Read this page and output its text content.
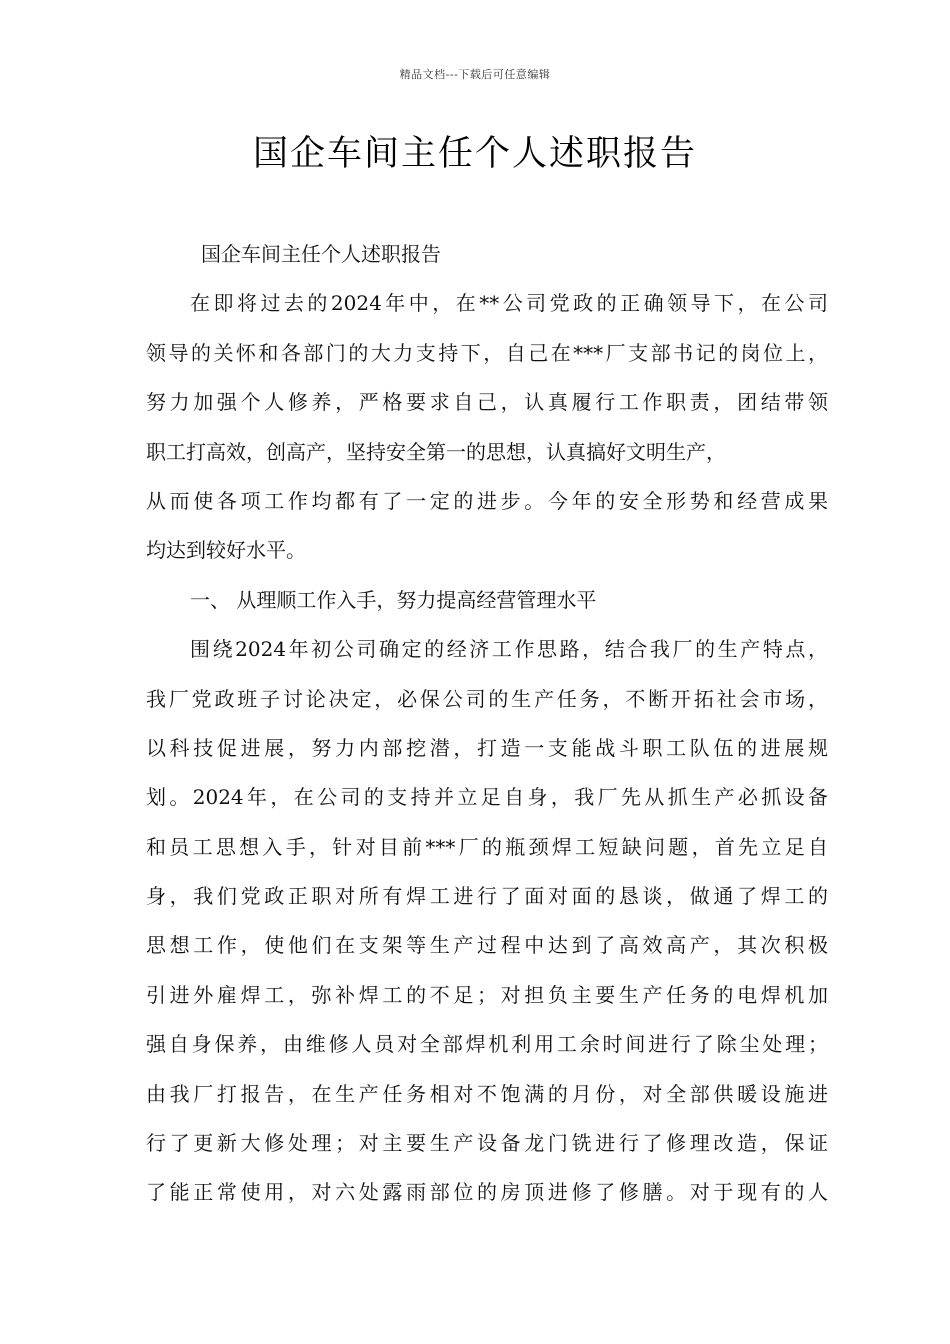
精品文档---下载后可任意编辑
国企车间主任个人述职报告
国企车间主任个人述职报告
在即将过去的2024年中，在**公司党政的正确领导下，在公司
领导的关怀和各部门的大力支持下，自己在***厂支部书记的岗位上，
努力加强个人修养，严格要求自己，认真履行工作职责，团结带领
职工打高效，创高产，坚持安全第一的思想，认真搞好文明生产，
从而使各项工作均都有了一定的进步。今年的安全形势和经营成果
均达到较好水平。
一、 从理顺工作入手，努力提高经营管理水平
围绕2024年初公司确定的经济工作思路，结合我厂的生产特点，
我厂党政班子讨论决定，必保公司的生产任务，不断开拓社会市场，
以科技促进展，努力内部挖潜，打造一支能战斗职工队伍的进展规
划。2024年，在公司的支持并立足自身，我厂先从抓生产必抓设备
和员工思想入手，针对目前***厂的瓶颈焊工短缺问题，首先立足自
身，我们党政正职对所有焊工进行了面对面的恳谈，做通了焊工的
思想工作，使他们在支架等生产过程中达到了高效高产，其次积极
引进外雇焊工，弥补焊工的不足；对担负主要生产任务的电焊机加
强自身保养，由维修人员对全部焊机利用工余时间进行了除尘处理；
由我厂打报告，在生产任务相对不饱满的月份，对全部供暖设施进
行了更新大修处理；对主要生产设备龙门铣进行了修理改造，保证
了能正常使用，对六处露雨部位的房顶进修了修膳。对于现有的人
